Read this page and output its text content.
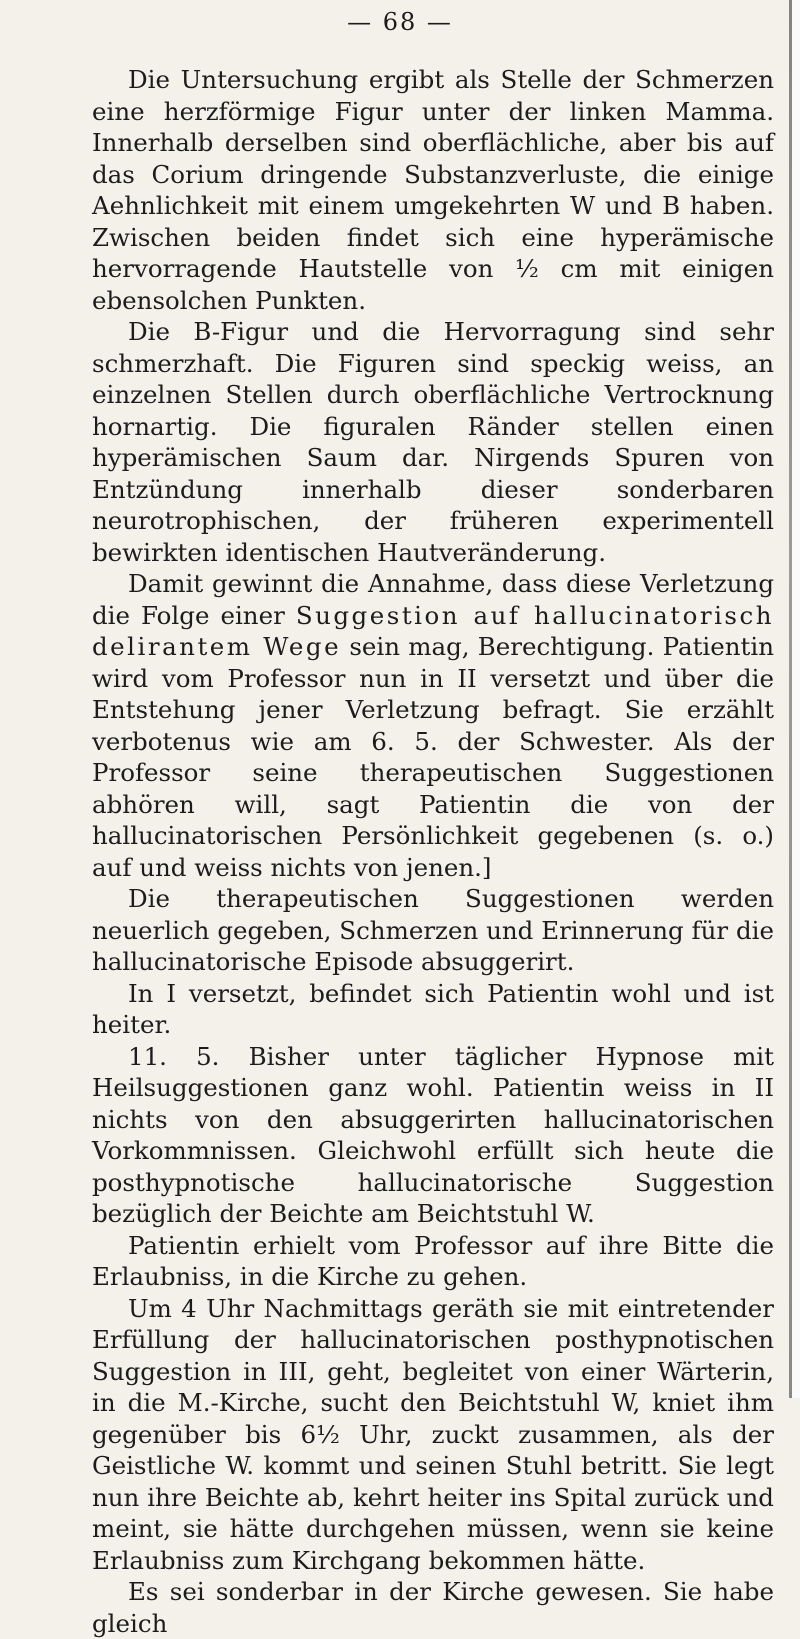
— 68 —

Die Untersuchung ergibt als Stelle der Schmerzen eine herzförmige Figur unter der linken Mamma. Innerhalb derselben sind oberflächliche, aber bis auf das Corium dringende Substanzverluste, die einige Aehnlichkeit mit einem umgekehrten W und B haben. Zwischen beiden findet sich eine hyperämische hervorragende Hautstelle von ½ cm mit einigen ebensolchen Punkten.

Die B-Figur und die Hervorragung sind sehr schmerzhaft. Die Figuren sind speckig weiss, an einzelnen Stellen durch oberflächliche Vertrocknung hornartig. Die figuralen Ränder stellen einen hyperämischen Saum dar. Nirgends Spuren von Entzündung innerhalb dieser sonderbaren neurotrophischen, der früheren experimentell bewirkten identischen Hautveränderung.

Damit gewinnt die Annahme, dass diese Verletzung die Folge einer Suggestion auf hallucinatorisch delirantem Wege sein mag, Berechtigung. Patientin wird vom Professor nun in II versetzt und über die Entstehung jener Verletzung befragt. Sie erzählt verbotenus wie am 6. 5. der Schwester. Als der Professor seine therapeutischen Suggestionen abhören will, sagt Patientin die von der hallucinatorischen Persönlichkeit gegebenen (s. o.) auf und weiss nichts von jenen.]

Die therapeutischen Suggestionen werden neuerlich gegeben, Schmerzen und Erinnerung für die hallucinatorische Episode absuggerirt.

In I versetzt, befindet sich Patientin wohl und ist heiter.

11. 5. Bisher unter täglicher Hypnose mit Heilsuggestionen ganz wohl. Patientin weiss in II nichts von den absuggerirten hallucinatorischen Vorkommnissen. Gleichwohl erfüllt sich heute die posthypnotische hallucinatorische Suggestion bezüglich der Beichte am Beichtstuhl W.

Patientin erhielt vom Professor auf ihre Bitte die Erlaubniss, in die Kirche zu gehen.

Um 4 Uhr Nachmittags geräth sie mit eintretender Erfüllung der hallucinatorischen posthypnotischen Suggestion in III, geht, begleitet von einer Wärterin, in die M.-Kirche, sucht den Beichtstuhl W, kniet ihm gegenüber bis 6½ Uhr, zuckt zusammen, als der Geistliche W. kommt und seinen Stuhl betritt. Sie legt nun ihre Beichte ab, kehrt heiter ins Spital zurück und meint, sie hätte durchgehen müssen, wenn sie keine Erlaubniss zum Kirchgang bekommen hätte.

Es sei sonderbar in der Kirche gewesen. Sie habe gleich
